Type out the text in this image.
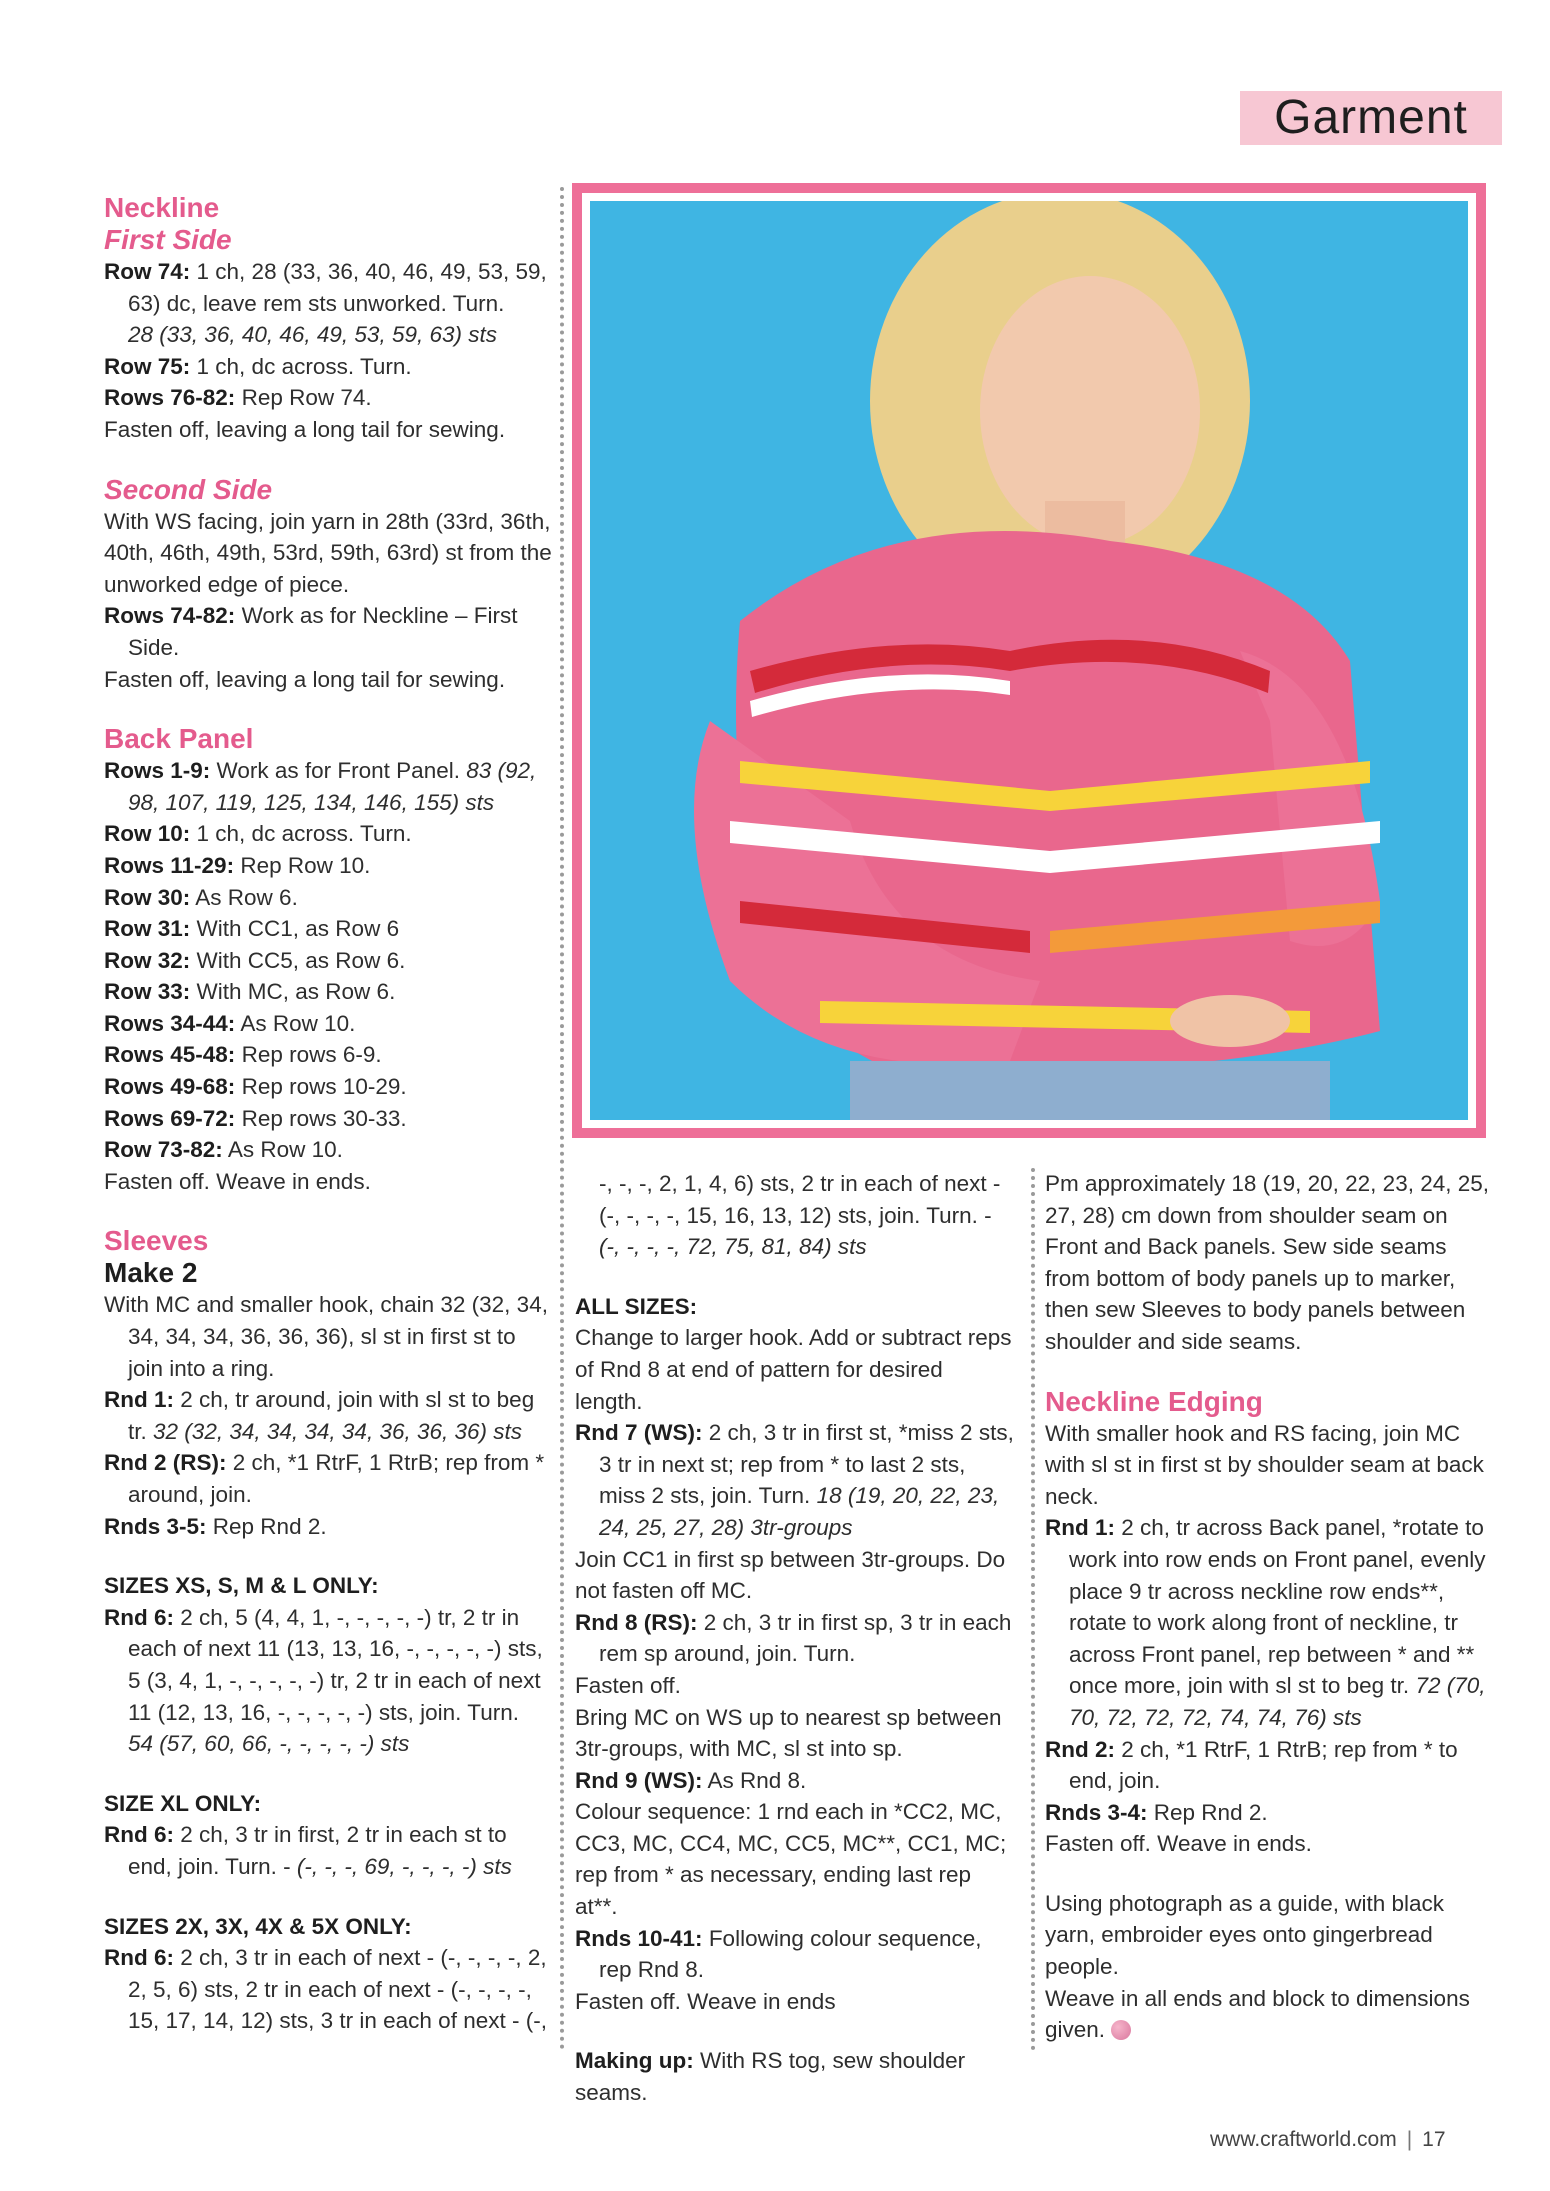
Garment
Neckline
First Side
Row 74: 1 ch, 28 (33, 36, 40, 46, 49, 53, 59, 63) dc, leave rem sts unworked. Turn.
28 (33, 36, 40, 46, 49, 53, 59, 63) sts
Row 75: 1 ch, dc across. Turn.
Rows 76-82: Rep Row 74.
Fasten off, leaving a long tail for sewing.
Second Side
With WS facing, join yarn in 28th (33rd, 36th, 40th, 46th, 49th, 53rd, 59th, 63rd) st from the unworked edge of piece.
Rows 74-82: Work as for Neckline – First Side.
Fasten off, leaving a long tail for sewing.
Back Panel
Rows 1-9: Work as for Front Panel. 83 (92, 98, 107, 119, 125, 134, 146, 155) sts
Row 10: 1 ch, dc across. Turn.
Rows 11-29: Rep Row 10.
Row 30: As Row 6.
Row 31: With CC1, as Row 6
Row 32: With CC5, as Row 6.
Row 33: With MC, as Row 6.
Rows 34-44: As Row 10.
Rows 45-48: Rep rows 6-9.
Rows 49-68: Rep rows 10-29.
Rows 69-72: Rep rows 30-33.
Row 73-82: As Row 10.
Fasten off. Weave in ends.
Sleeves
Make 2
With MC and smaller hook, chain 32 (32, 34, 34, 34, 34, 36, 36, 36), sl st in first st to join into a ring.
Rnd 1: 2 ch, tr around, join with sl st to beg tr. 32 (32, 34, 34, 34, 34, 36, 36, 36) sts
Rnd 2 (RS): 2 ch, *1 RtrF, 1 RtrB; rep from * around, join.
Rnds 3-5: Rep Rnd 2.
SIZES XS, S, M & L ONLY:
Rnd 6: 2 ch, 5 (4, 4, 1, -, -, -, -, -) tr, 2 tr in each of next 11 (13, 13, 16, -, -, -, -, -) sts, 5 (3, 4, 1, -, -, -, -, -) tr, 2 tr in each of next 11 (12, 13, 16, -, -, -, -, -) sts, join. Turn.
54 (57, 60, 66, -, -, -, -, -) sts
SIZE XL ONLY:
Rnd 6: 2 ch, 3 tr in first, 2 tr in each st to end, join. Turn. - (-, -, -, 69, -, -, -, -) sts
SIZES 2X, 3X, 4X & 5X ONLY:
Rnd 6: 2 ch, 3 tr in each of next - (-, -, -, -, 2, 2, 5, 6) sts, 2 tr in each of next - (-, -, -, -, 15, 17, 14, 12) sts, 3 tr in each of next - (-,
-, -, -, 2, 1, 4, 6) sts, 2 tr in each of next - (-, -, -, -, 15, 16, 13, 12) sts, join. Turn. - (-, -, -, -, 72, 75, 81, 84) sts
ALL SIZES:
Change to larger hook. Add or subtract reps of Rnd 8 at end of pattern for desired length.
Rnd 7 (WS): 2 ch, 3 tr in first st, *miss 2 sts, 3 tr in next st; rep from * to last 2 sts, miss 2 sts, join. Turn. 18 (19, 20, 22, 23, 24, 25, 27, 28) 3tr-groups
Join CC1 in first sp between 3tr-groups. Do not fasten off MC.
Rnd 8 (RS): 2 ch, 3 tr in first sp, 3 tr in each rem sp around, join. Turn.
Fasten off.
Bring MC on WS up to nearest sp between 3tr-groups, with MC, sl st into sp.
Rnd 9 (WS): As Rnd 8.
Colour sequence: 1 rnd each in *CC2, MC, CC3, MC, CC4, MC, CC5, MC**, CC1, MC; rep from * as necessary, ending last rep at**.
Rnds 10-41: Following colour sequence, rep Rnd 8.
Fasten off. Weave in ends
Making up: With RS tog, sew shoulder seams.
Pm approximately 18 (19, 20, 22, 23, 24, 25, 27, 28) cm down from shoulder seam on Front and Back panels. Sew side seams from bottom of body panels up to marker, then sew Sleeves to body panels between shoulder and side seams.
Neckline Edging
With smaller hook and RS facing, join MC with sl st in first st by shoulder seam at back neck.
Rnd 1: 2 ch, tr across Back panel, *rotate to work into row ends on Front panel, evenly place 9 tr across neckline row ends**, rotate to work along front of neckline, tr across Front panel, rep between * and ** once more, join with sl st to beg tr. 72 (70, 70, 72, 72, 72, 74, 74, 76) sts
Rnd 2: 2 ch, *1 RtrF, 1 RtrB; rep from * to end, join.
Rnds 3-4: Rep Rnd 2.
Fasten off. Weave in ends.
Using photograph as a guide, with black yarn, embroider eyes onto gingerbread people.
Weave in all ends and block to dimensions given.
www.craftworld.com | 17
